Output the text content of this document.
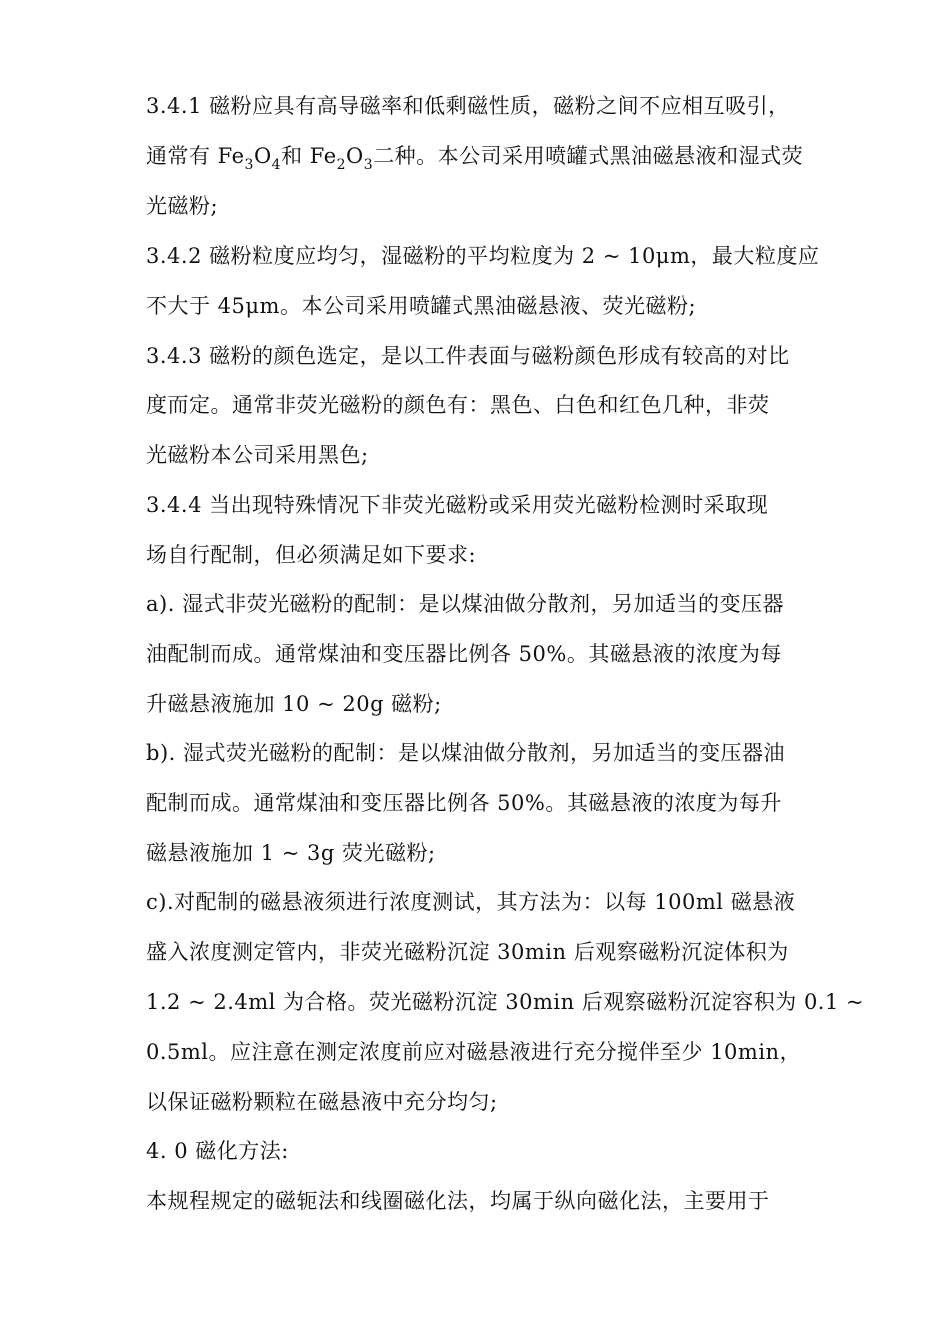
3.4.1 磁粉应具有高导磁率和低剩磁性质，磁粉之间不应相互吸引，
通常有 $Fe_3O_4$和 $Fe_2O_3$二种。本公司采用喷罐式黑油磁悬液和湿式荧
光磁粉;
3.4.2 磁粉粒度应均匀，湿磁粉的平均粒度为 2 ~ 10μm，最大粒度应
不大于 45μm。本公司采用喷罐式黑油磁悬液、荧光磁粉;
3.4.3 磁粉的颜色选定，是以工件表面与磁粉颜色形成有较高的对比
度而定。通常非荧光磁粉的颜色有：黑色、白色和红色几种，非荧
光磁粉本公司采用黑色;
3.4.4 当出现特殊情况下非荧光磁粉或采用荧光磁粉检测时采取现
场自行配制，但必须满足如下要求:
a). 湿式非荧光磁粉的配制：是以煤油做分散剂，另加适当的变压器
油配制而成。通常煤油和变压器比例各 50%。其磁悬液的浓度为每
升磁悬液施加 10 ~ 20g 磁粉;
b). 湿式荧光磁粉的配制：是以煤油做分散剂，另加适当的变压器油
配制而成。通常煤油和变压器比例各 50%。其磁悬液的浓度为每升
磁悬液施加 1 ~ 3g 荧光磁粉;
c).对配制的磁悬液须进行浓度测试，其方法为：以每 100ml 磁悬液
盛入浓度测定管内，非荧光磁粉沉淀 30min 后观察磁粉沉淀体积为
1.2 ~ 2.4ml 为合格。荧光磁粉沉淀 30min 后观察磁粉沉淀容积为 0.1 ~
0.5ml。应注意在测定浓度前应对磁悬液进行充分搅伴至少 10min，
以保证磁粉颗粒在磁悬液中充分均匀;
4. 0 磁化方法:
本规程规定的磁轭法和线圈磁化法，均属于纵向磁化法，主要用于
